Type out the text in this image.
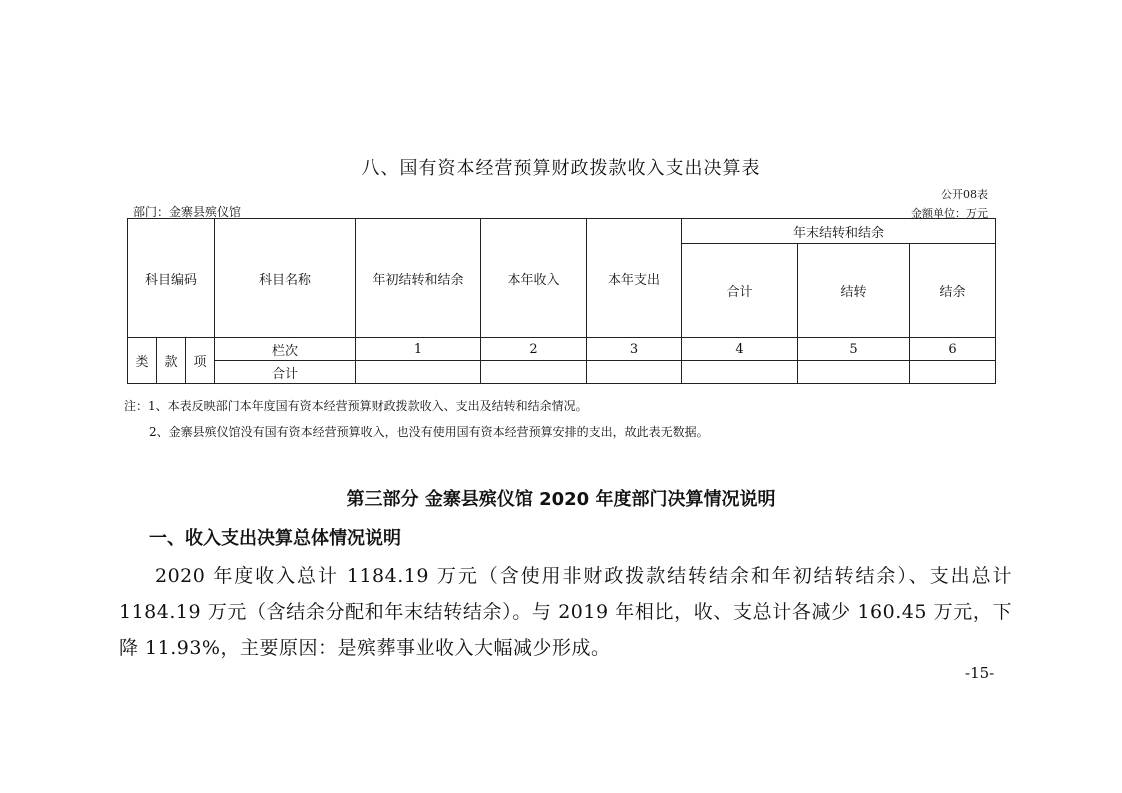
八、国有资本经营预算财政拨款收入支出决算表
公开08表
部门：金寨县殡仪馆	金额单位：万元
科目编码			科目名称	年初结转和结余	本年收入	本年支出	年末结转和结余		
							合计	结转	结余
类	款	项	栏次	1	2	3	4	5	6
			合计						
注：1、本表反映部门本年度国有资本经营预算财政拨款收入、支出及结转和结余情况。
2、金寨县殡仪馆没有国有资本经营预算收入，也没有使用国有资本经营预算安排的支出，故此表无数据。
第三部分 金寨县殡仪馆 2020 年度部门决算情况说明
一、收入支出决算总体情况说明
2020 年度收入总计 1184.19 万元（含使用非财政拨款结转结余和年初结转结余）、支出总计 1184.19 万元（含结余分配和年末结转结余）。与 2019 年相比，收、支总计各减少 160.45 万元，下降 11.93%，主要原因：是殡葬事业收入大幅减少形成。
-15-
